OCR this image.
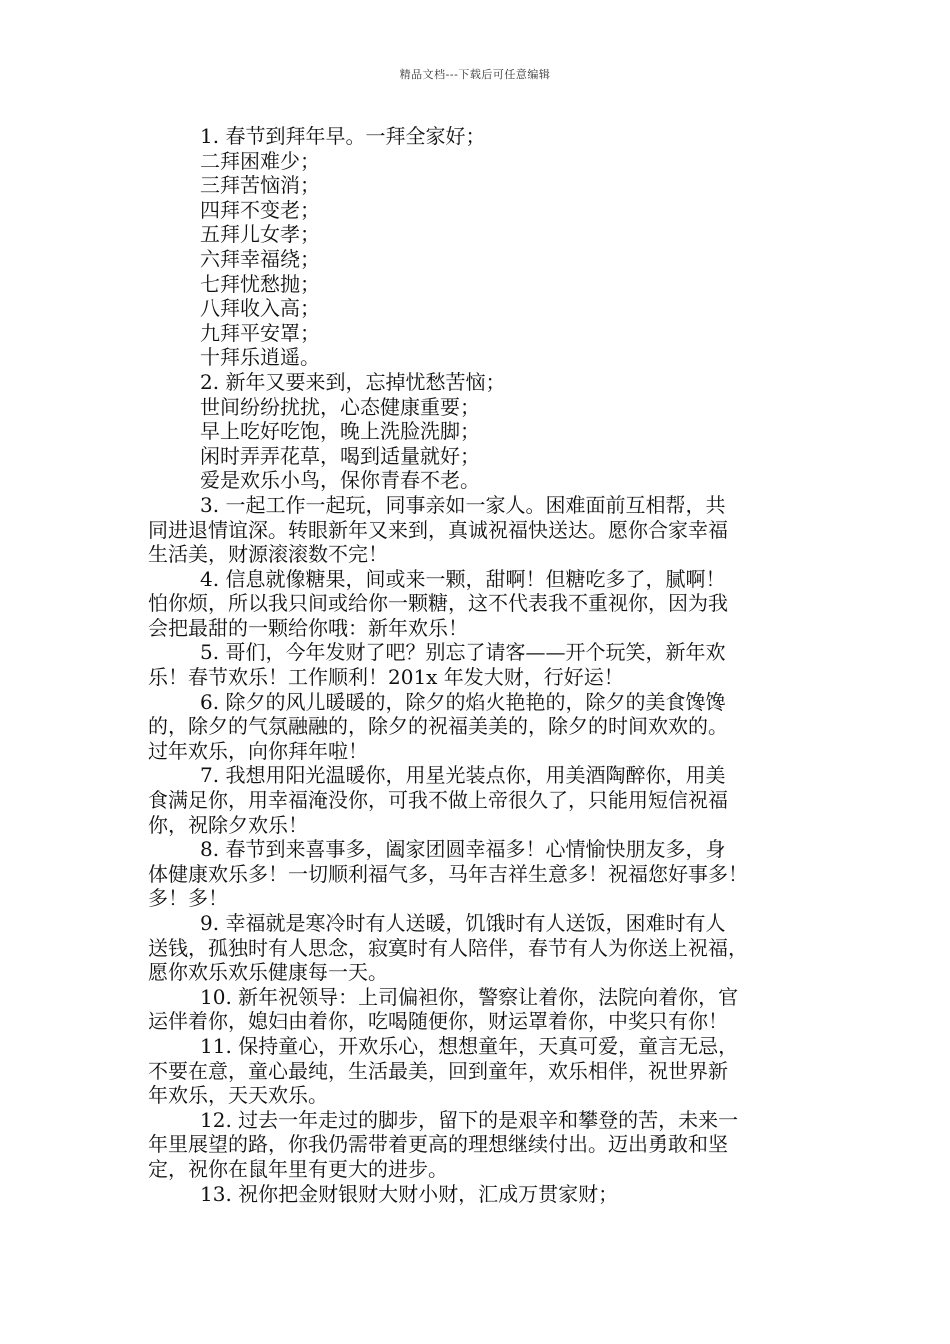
精品文档---下载后可任意编辑

1. 春节到拜年早。一拜全家好；

二拜困难少；

三拜苦恼消；

四拜不变老；

五拜儿女孝；

六拜幸福绕；

七拜忧愁抛；

八拜收入高；

九拜平安罩；

十拜乐逍遥。

2. 新年又要来到，忘掉忧愁苦恼；

世间纷纷扰扰，心态健康重要；

早上吃好吃饱，晚上洗脸洗脚；

闲时弄弄花草，喝到适量就好；

爱是欢乐小鸟，保你青春不老。

3. 一起工作一起玩，同事亲如一家人。困难面前互相帮，共

同进退情谊深。转眼新年又来到，真诚祝福快送达。愿你合家幸福

生活美，财源滚滚数不完！

4. 信息就像糖果，间或来一颗，甜啊！但糖吃多了，腻啊！

怕你烦，所以我只间或给你一颗糖，这不代表我不重视你，因为我

会把最甜的一颗给你哦：新年欢乐！

5. 哥们，今年发财了吧？别忘了请客——开个玩笑，新年欢

乐！春节欢乐！工作顺利！201x 年发大财，行好运！

6. 除夕的风儿暖暖的，除夕的焰火艳艳的，除夕的美食馋馋

的，除夕的气氛融融的，除夕的祝福美美的，除夕的时间欢欢的。

过年欢乐，向你拜年啦！

7. 我想用阳光温暖你，用星光装点你，用美酒陶醉你，用美

食满足你，用幸福淹没你，可我不做上帝很久了，只能用短信祝福

你，祝除夕欢乐！

8. 春节到来喜事多，阖家团圆幸福多！心情愉快朋友多，身

体健康欢乐多！一切顺利福气多，马年吉祥生意多！祝福您好事多！

多！多！

9. 幸福就是寒冷时有人送暖，饥饿时有人送饭，困难时有人

送钱，孤独时有人思念，寂寞时有人陪伴，春节有人为你送上祝福，

愿你欢乐欢乐健康每一天。

10. 新年祝领导：上司偏袒你，警察让着你，法院向着你，官

运伴着你，媳妇由着你，吃喝随便你，财运罩着你，中奖只有你！

11. 保持童心，开欢乐心，想想童年，天真可爱，童言无忌，

不要在意，童心最纯，生活最美，回到童年，欢乐相伴，祝世界新

年欢乐，天天欢乐。

12. 过去一年走过的脚步，留下的是艰辛和攀登的苦，未来一

年里展望的路，你我仍需带着更高的理想继续付出。迈出勇敢和坚

定，祝你在鼠年里有更大的进步。

13. 祝你把金财银财大财小财，汇成万贯家财；
